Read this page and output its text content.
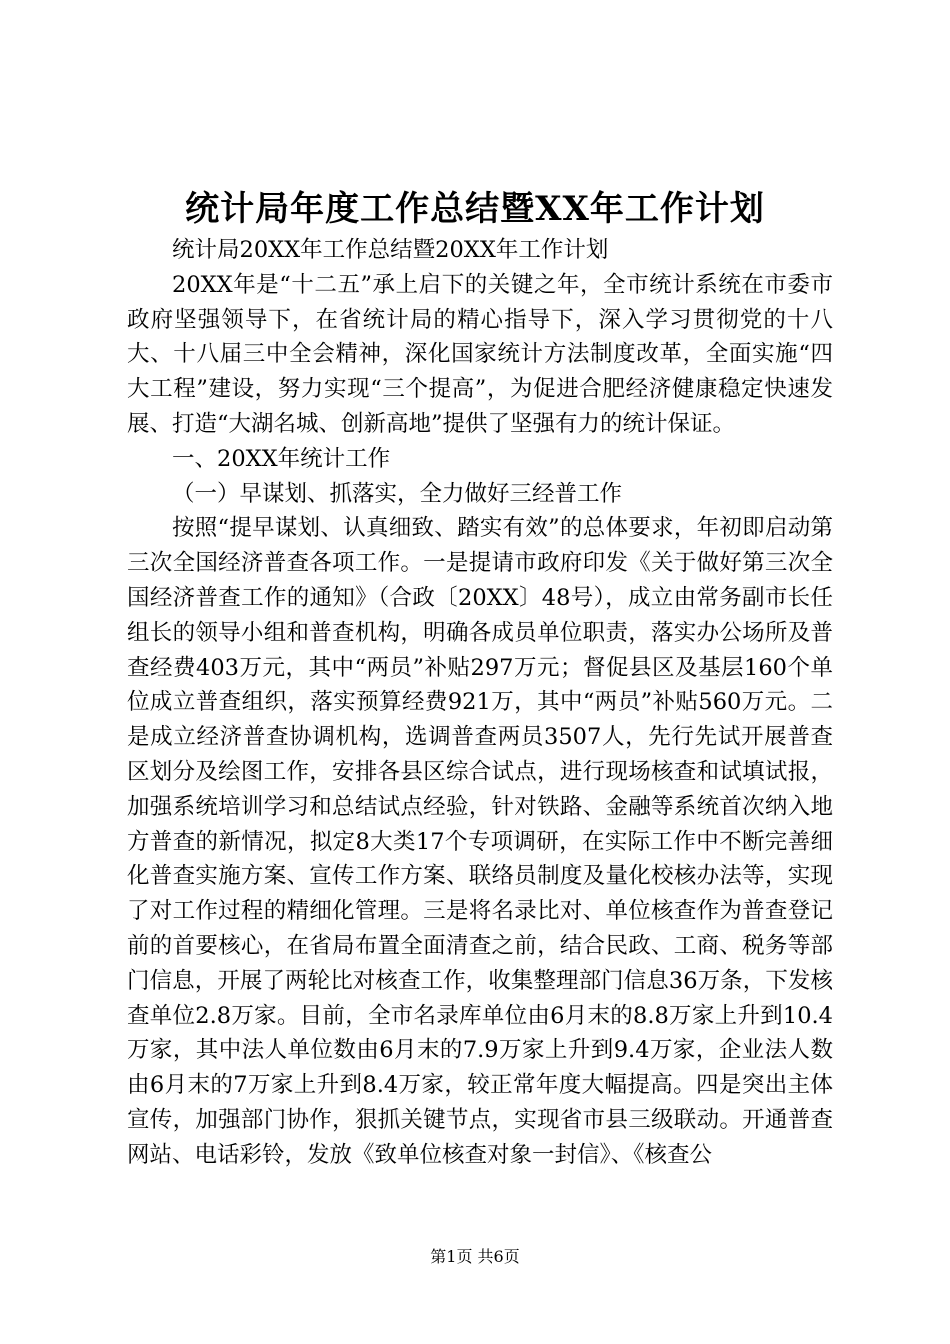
统计局年度工作总结暨XX年工作计划

统计局20XX年工作总结暨20XX年工作计划

20XX年是“十二五”承上启下的关键之年，全市统计系统在市委市政府坚强领导下，在省统计局的精心指导下，深入学习贯彻党的十八大、十八届三中全会精神，深化国家统计方法制度改革，全面实施“四大工程”建设，努力实现“三个提高”，为促进合肥经济健康稳定快速发展、打造“大湖名城、创新高地”提供了坚强有力的统计保证。

一、20XX年统计工作

（一）早谋划、抓落实，全力做好三经普工作

按照“提早谋划、认真细致、踏实有效”的总体要求，年初即启动第三次全国经济普查各项工作。一是提请市政府印发《关于做好第三次全国经济普查工作的通知》（合政〔20XX〕48号），成立由常务副市长任组长的领导小组和普查机构，明确各成员单位职责，落实办公场所及普查经费403万元，其中“两员”补贴297万元；督促县区及基层160个单位成立普查组织，落实预算经费921万，其中“两员”补贴560万元。二是成立经济普查协调机构，选调普查两员3507人，先行先试开展普查区划分及绘图工作，安排各县区综合试点，进行现场核查和试填试报，加强系统培训学习和总结试点经验，针对铁路、金融等系统首次纳入地方普查的新情况，拟定8大类17个专项调研，在实际工作中不断完善细化普查实施方案、宣传工作方案、联络员制度及量化校核办法等，实现了对工作过程的精细化管理。三是将名录比对、单位核查作为普查登记前的首要核心，在省局布置全面清查之前，结合民政、工商、税务等部门信息，开展了两轮比对核查工作，收集整理部门信息36万条，下发核查单位2.8万家。目前，全市名录库单位由6月末的8.8万家上升到10.4万家，其中法人单位数由6月末的7.9万家上升到9.4万家，企业法人数由6月末的7万家上升到8.4万家，较正常年度大幅提高。四是突出主体宣传，加强部门协作，狠抓关键节点，实现省市县三级联动。开通普查网站、电话彩铃，发放《致单位核查对象一封信》、《核查公

第1页 共6页
